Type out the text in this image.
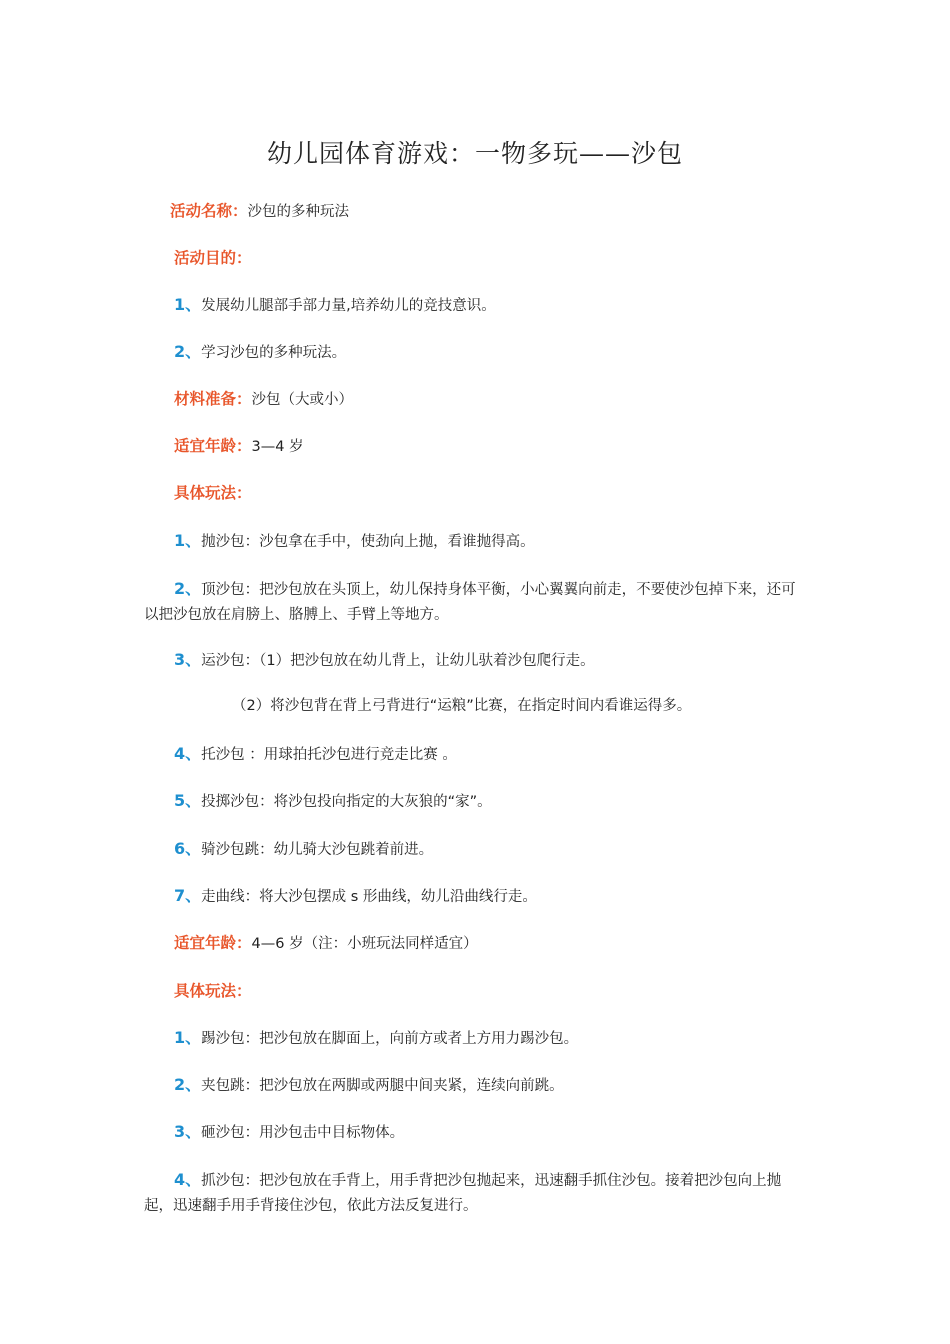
幼儿园体育游戏：一物多玩——沙包
活动名称：沙包的多种玩法
活动目的：
1、发展幼儿腿部手部力量,培养幼儿的竞技意识。
2、学习沙包的多种玩法。
材料准备：沙包（大或小）
适宜年龄：3—4 岁
具体玩法：
1、抛沙包：沙包拿在手中，使劲向上抛，看谁抛得高。
2、顶沙包：把沙包放在头顶上，幼儿保持身体平衡，小心翼翼向前走，不要使沙包掉下来，还可以把沙包放在肩膀上、胳膊上、手臂上等地方。
3、运沙包：（1）把沙包放在幼儿背上，让幼儿驮着沙包爬行走。
（2）将沙包背在背上弓背进行“运粮”比赛，在指定时间内看谁运得多。
4、托沙包 ：用球拍托沙包进行竞走比赛 。
5、投掷沙包：将沙包投向指定的大灰狼的“家”。
6、骑沙包跳：幼儿骑大沙包跳着前进。
7、走曲线：将大沙包摆成 s 形曲线，幼儿沿曲线行走。
适宜年龄：4—6 岁（注：小班玩法同样适宜）
具体玩法：
1、踢沙包：把沙包放在脚面上，向前方或者上方用力踢沙包。
2、夹包跳：把沙包放在两脚或两腿中间夹紧，连续向前跳。
3、砸沙包：用沙包击中目标物体。
4、抓沙包：把沙包放在手背上，用手背把沙包抛起来，迅速翻手抓住沙包。接着把沙包向上抛起，迅速翻手用手背接住沙包，依此方法反复进行。
